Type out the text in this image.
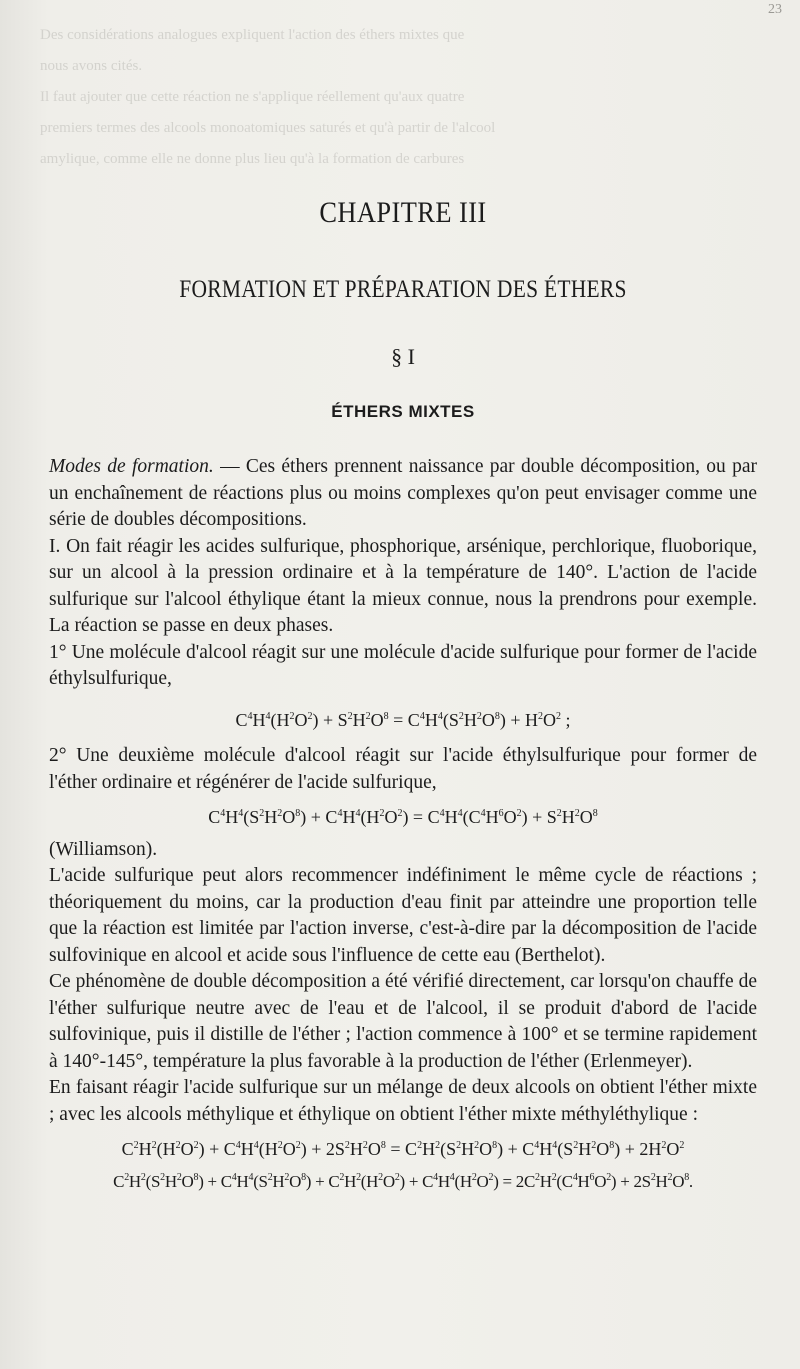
Des considérations analogues expliquent l'action des éthers mixtes que

nous avons cités.

Il faut ajouter que cette réaction ne s'applique réellement qu'aux quatre

premiers termes des alcools monoatomiques saturés et qu'à partir de l'alcool

amylique, comme elle ne donne plus lieu qu'à la formation de carbures

23
CHAPITRE III
FORMATION ET PRÉPARATION DES ÉTHERS
§ I
ÉTHERS MIXTES

Modes de formation. — Ces éthers prennent naissance par double décomposition, ou par un enchaînement de réactions plus ou moins complexes qu'on peut envisager comme une série de doubles décompositions.

I. On fait réagir les acides sulfurique, phosphorique, arsénique, perchlorique, fluoborique, sur un alcool à la pression ordinaire et à la température de 140°. L'action de l'acide sulfurique sur l'alcool éthylique étant la mieux connue, nous la prendrons pour exemple. La réaction se passe en deux phases.

1° Une molécule d'alcool réagit sur une molécule d'acide sulfurique pour former de l'acide éthylsulfurique,

$C^4H^4(H^2O^2) + S^2H^2O^8 = C^4H^4(S^2H^2O^8) + H^2O^2$ ;

2° Une deuxième molécule d'alcool réagit sur l'acide éthylsulfurique pour former de l'éther ordinaire et régénérer de l'acide sulfurique,

$C^4H^4(S^2H^2O^8) + C^4H^4(H^2O^2) = C^4H^4(C^4H^6O^2) + S^2H^2O^8$

(Williamson).

L'acide sulfurique peut alors recommencer indéfiniment le même cycle de réactions ; théoriquement du moins, car la production d'eau finit par atteindre une proportion telle que la réaction est limitée par l'action inverse, c'est-à-dire par la décomposition de l'acide sulfovinique en alcool et acide sous l'influence de cette eau (Berthelot).

Ce phénomène de double décomposition a été vérifié directement, car lorsqu'on chauffe de l'éther sulfurique neutre avec de l'eau et de l'alcool, il se produit d'abord de l'acide sulfovinique, puis il distille de l'éther ; l'action commence à 100° et se termine rapidement à 140°-145°, température la plus favorable à la production de l'éther (Erlenmeyer).

En faisant réagir l'acide sulfurique sur un mélange de deux alcools on obtient l'éther mixte ; avec les alcools méthylique et éthylique on obtient l'éther mixte méthyléthylique :

$C^2H^2(H^2O^2) + C^4H^4(H^2O^2) + 2S^2H^2O^8 = C^2H^2(S^2H^2O^8) + C^4H^4(S^2H^2O^8) + 2H^2O^2$
$C^2H^2(S^2H^2O^8) + C^4H^4(S^2H^2O^8) + C^2H^2(H^2O^2) + C^4H^4(H^2O^2) = 2C^2H^2(C^4H^6O^2) + 2S^2H^2O^8$.
